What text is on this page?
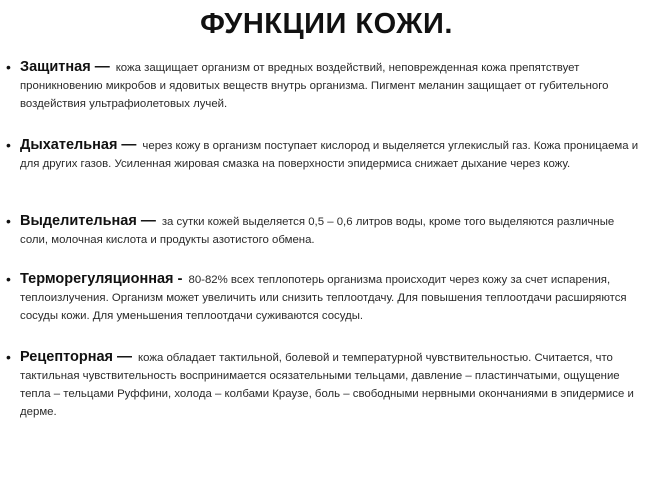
ФУНКЦИИ КОЖИ.
• Защитная — кожа защищает организм от вредных воздействий, неповрежденная кожа препятствует проникновению микробов и ядовитых веществ внутрь организма. Пигмент меланин защищает от губительного воздействия ультрафиолетовых лучей.
• Дыхательная — через кожу в организм поступает кислород и выделяется углекислый газ. Кожа проницаема и для других газов. Усиленная жировая смазка на поверхности эпидермиса снижает дыхание через кожу.
• Выделительная — за сутки кожей выделяется 0,5 – 0,6 литров воды, кроме того выделяются различные соли, молочная кислота и продукты азотистого обмена.
• Терморегуляционная - 80-82% всех теплопотерь организма происходит через кожу за счет испарения, теплоизлучения. Организм может увеличить или снизить теплоотдачу. Для повышения теплоотдачи расширяются сосуды кожи. Для уменьшения теплоотдачи суживаются сосуды.
• Рецепторная — кожа обладает тактильной, болевой и температурной чувствительностью. Считается, что тактильная чувствительность воспринимается осязательными тельцами, давление – пластинчатыми, ощущение тепла – тельцами Руффини, холода – колбами Краузе, боль – свободными нервными окончаниями в эпидермисе и дерме.
